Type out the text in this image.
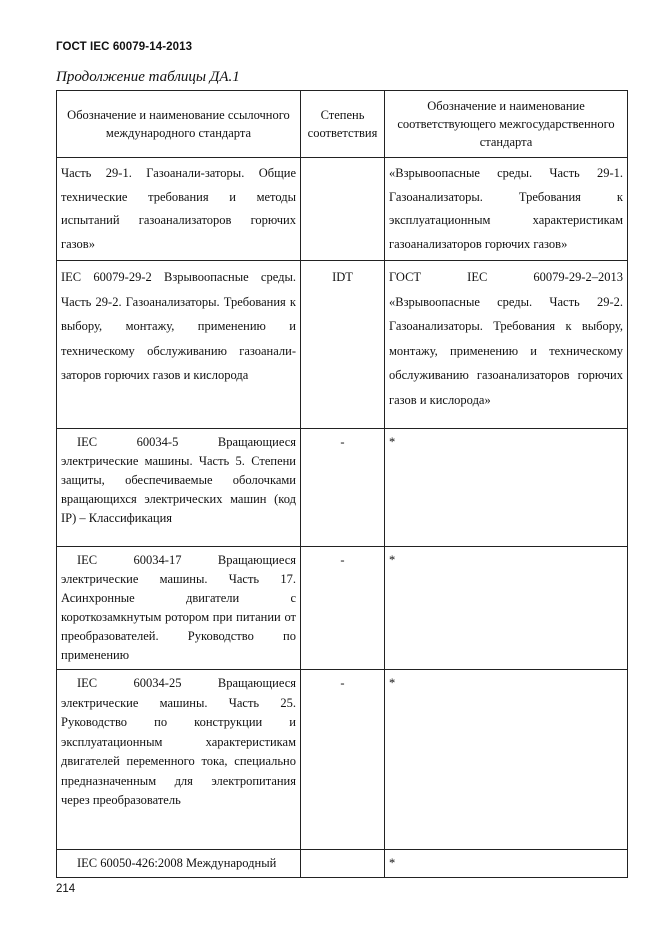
ГОСТ IEC 60079-14-2013
Продолжение таблицы ДА.1
Обозначение и наименование ссылочного международного стандарта	Степень соответствия	Обозначение и наименование соответствующего межгосударственного стандарта
Часть 29-1. Газоанали-заторы. Общие технические требования и методы испытаний газоанализаторов горючих газов»		«Взрывоопасные среды. Часть 29-1. Газоанализаторы. Требования к эксплуатационным характеристикам газоанализаторов горючих газов»
IEC 60079-29-2 Взрывоопасные среды. Часть 29-2. Газоанализаторы. Требования к выбору, монтажу, применению и техническому обслуживанию газоанали-заторов горючих газов и кислорода	IDT	ГОСТ IEC 60079-29-2–2013 «Взрывоопасные среды. Часть 29-2. Газоанализаторы. Требования к выбору, монтажу, применению и техническому обслуживанию газоанализаторов горючих газов и кислорода»
IEC 60034-5 Вращающиеся электрические машины. Часть 5. Степени защиты, обеспечиваемые оболочками вращающихся электрических машин (код IP) – Классификация	-	*
IEC 60034-17 Вращающиеся электрические машины. Часть 17. Асинхронные двигатели с короткозамкнутым ротором при питании от преобразователей. Руководство по применению	-	*
IEC 60034-25 Вращающиеся электрические машины. Часть 25. Руководство по конструкции и эксплуатационным характеристикам двигателей переменного тока, специально предназначенным для электропитания через преобразователь	-	*
IEC 60050-426:2008 Международный		*
214
